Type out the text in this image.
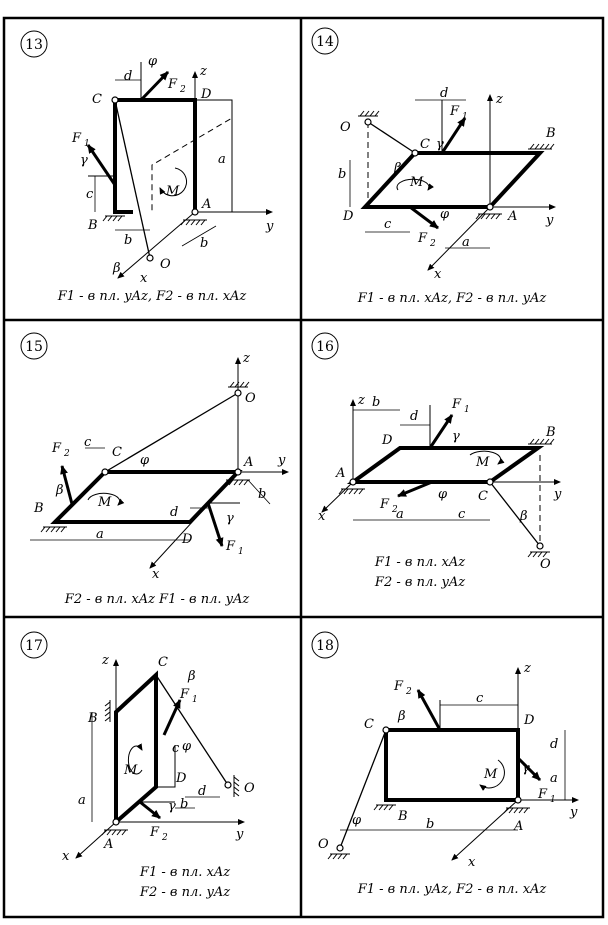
13
C	D
A
B
O
M
a
d
c
b	b
z
y
x
φ
γ
β
F 2
F 1
F1 - в пл. yAz, F2 - в пл. xAz
14
O
C
B
D	A
M
d
c
a
b
z
y
x
φ
γ
β
F 1
F 2
F1 - в пл. xAz, F2 - в пл. yAz
15
C
A
B
D
O
M
a
c
d
b
z
y
x
φ
γ
β
F 2
F 1
F2 - в пл. xAz F1 - в пл. yAz
16
D
B
A
C
O
M
d
b
a	c
z
y
x
φ
γ
β
F 1
F 2
F1 - в пл. xAz
F2 - в пл. yAz
17
C
B
D
A
O
M
a
c
d
b
z
y
x
φ
γ
β
F 1
F 2
F1 - в пл. xAz
F2 - в пл. yAz
18
C	D
B
A
O
M
c
d
a
b
z
y
x
φ
γ
β
F 2
F 1
F1 - в пл. yAz, F2 - в пл. xAz
